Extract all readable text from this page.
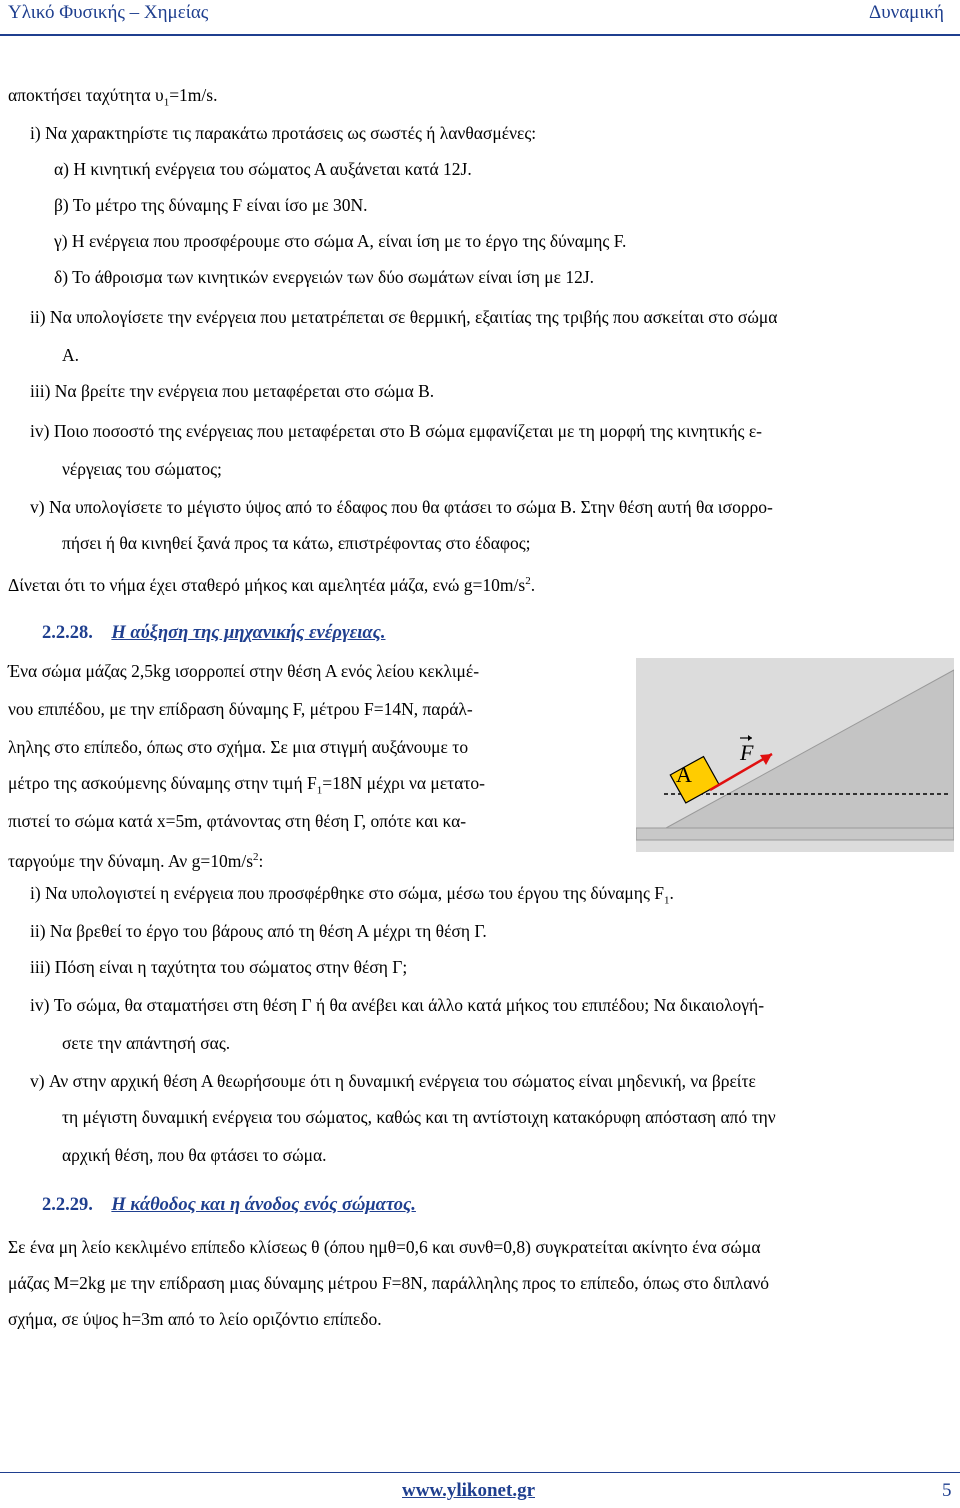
Υλικό Φυσικής – Χημείας	Δυναμική
αποκτήσει ταχύτητα $\upsilon_1=1m/s$.
i) Να χαρακτηρίστε τις παρακάτω προτάσεις ως σωστές ή λανθασμένες:
α) Η κινητική ενέργεια του σώματος Α αυξάνεται κατά 12J.
β) Το μέτρο της δύναμης F είναι ίσο με 30Ν.
γ) Η ενέργεια που προσφέρουμε στο σώμα Α, είναι ίση με το έργο της δύναμης F.
δ) Το άθροισμα των κινητικών ενεργειών των δύο σωμάτων είναι ίση με 12J.
ii) Να υπολογίσετε την ενέργεια που μετατρέπεται σε θερμική, εξαιτίας της τριβής που ασκείται στο σώμα
Α.
iii) Να βρείτε την ενέργεια που μεταφέρεται στο σώμα Β.
iv) Ποιο ποσοστό της ενέργειας που μεταφέρεται στο Β σώμα εμφανίζεται με τη μορφή της κινητικής ε-
νέργειας του σώματος;
v) Να υπολογίσετε το μέγιστο ύψος από το έδαφος που θα φτάσει το σώμα Β. Στην θέση αυτή θα ισορρο-
πήσει ή θα κινηθεί ξανά προς τα κάτω, επιστρέφοντας στο έδαφος;
Δίνεται ότι το νήμα έχει σταθερό μήκος και αμελητέα μάζα, ενώ $g=10m/s^2$.
2.2.28. Η αύξηση της μηχανικής ενέργειας.
Ένα σώμα μάζας 2,5kg ισορροπεί στην θέση Α ενός λείου κεκλιμέ-
νου επιπέδου, με την επίδραση δύναμης F, μέτρου F=14Ν, παράλ-
ληλης στο επίπεδο, όπως στο σχήμα. Σε μια στιγμή αυξάνουμε το
μέτρο της ασκούμενης δύναμης στην τιμή $F_1=18N$ μέχρι να μετατο-
πιστεί το σώμα κατά x=5m, φτάνοντας στη θέση Γ, οπότε και κα-
ταργούμε την δύναμη. Αν $g=10m/s^2$:
Α
F
i) Να υπολογιστεί η ενέργεια που προσφέρθηκε στο σώμα, μέσω του έργου της δύναμης $F_1$.
ii) Να βρεθεί το έργο του βάρους από τη θέση Α μέχρι τη θέση Γ.
iii) Πόση είναι η ταχύτητα του σώματος στην θέση Γ;
iv) Το σώμα, θα σταματήσει στη θέση Γ ή θα ανέβει και άλλο κατά μήκος του επιπέδου; Να δικαιολογή-
σετε την απάντησή σας.
v) Αν στην αρχική θέση Α θεωρήσουμε ότι η δυναμική ενέργεια του σώματος είναι μηδενική, να βρείτε
τη μέγιστη δυναμική ενέργεια του σώματος, καθώς και τη αντίστοιχη κατακόρυφη απόσταση από την
αρχική θέση, που θα φτάσει το σώμα.
2.2.29. Η κάθοδος και η άνοδος ενός σώματος.
Σε ένα μη λείο κεκλιμένο επίπεδο κλίσεως θ (όπου ημθ=0,6 και συνθ=0,8) συγκρατείται ακίνητο ένα σώμα
μάζας Μ=2kg με την επίδραση μιας δύναμης μέτρου F=8Ν, παράλληλης προς το επίπεδο, όπως στο διπλανό
σχήμα, σε ύψος h=3m από το λείο οριζόντιο επίπεδο.
www.ylikonet.gr	5
